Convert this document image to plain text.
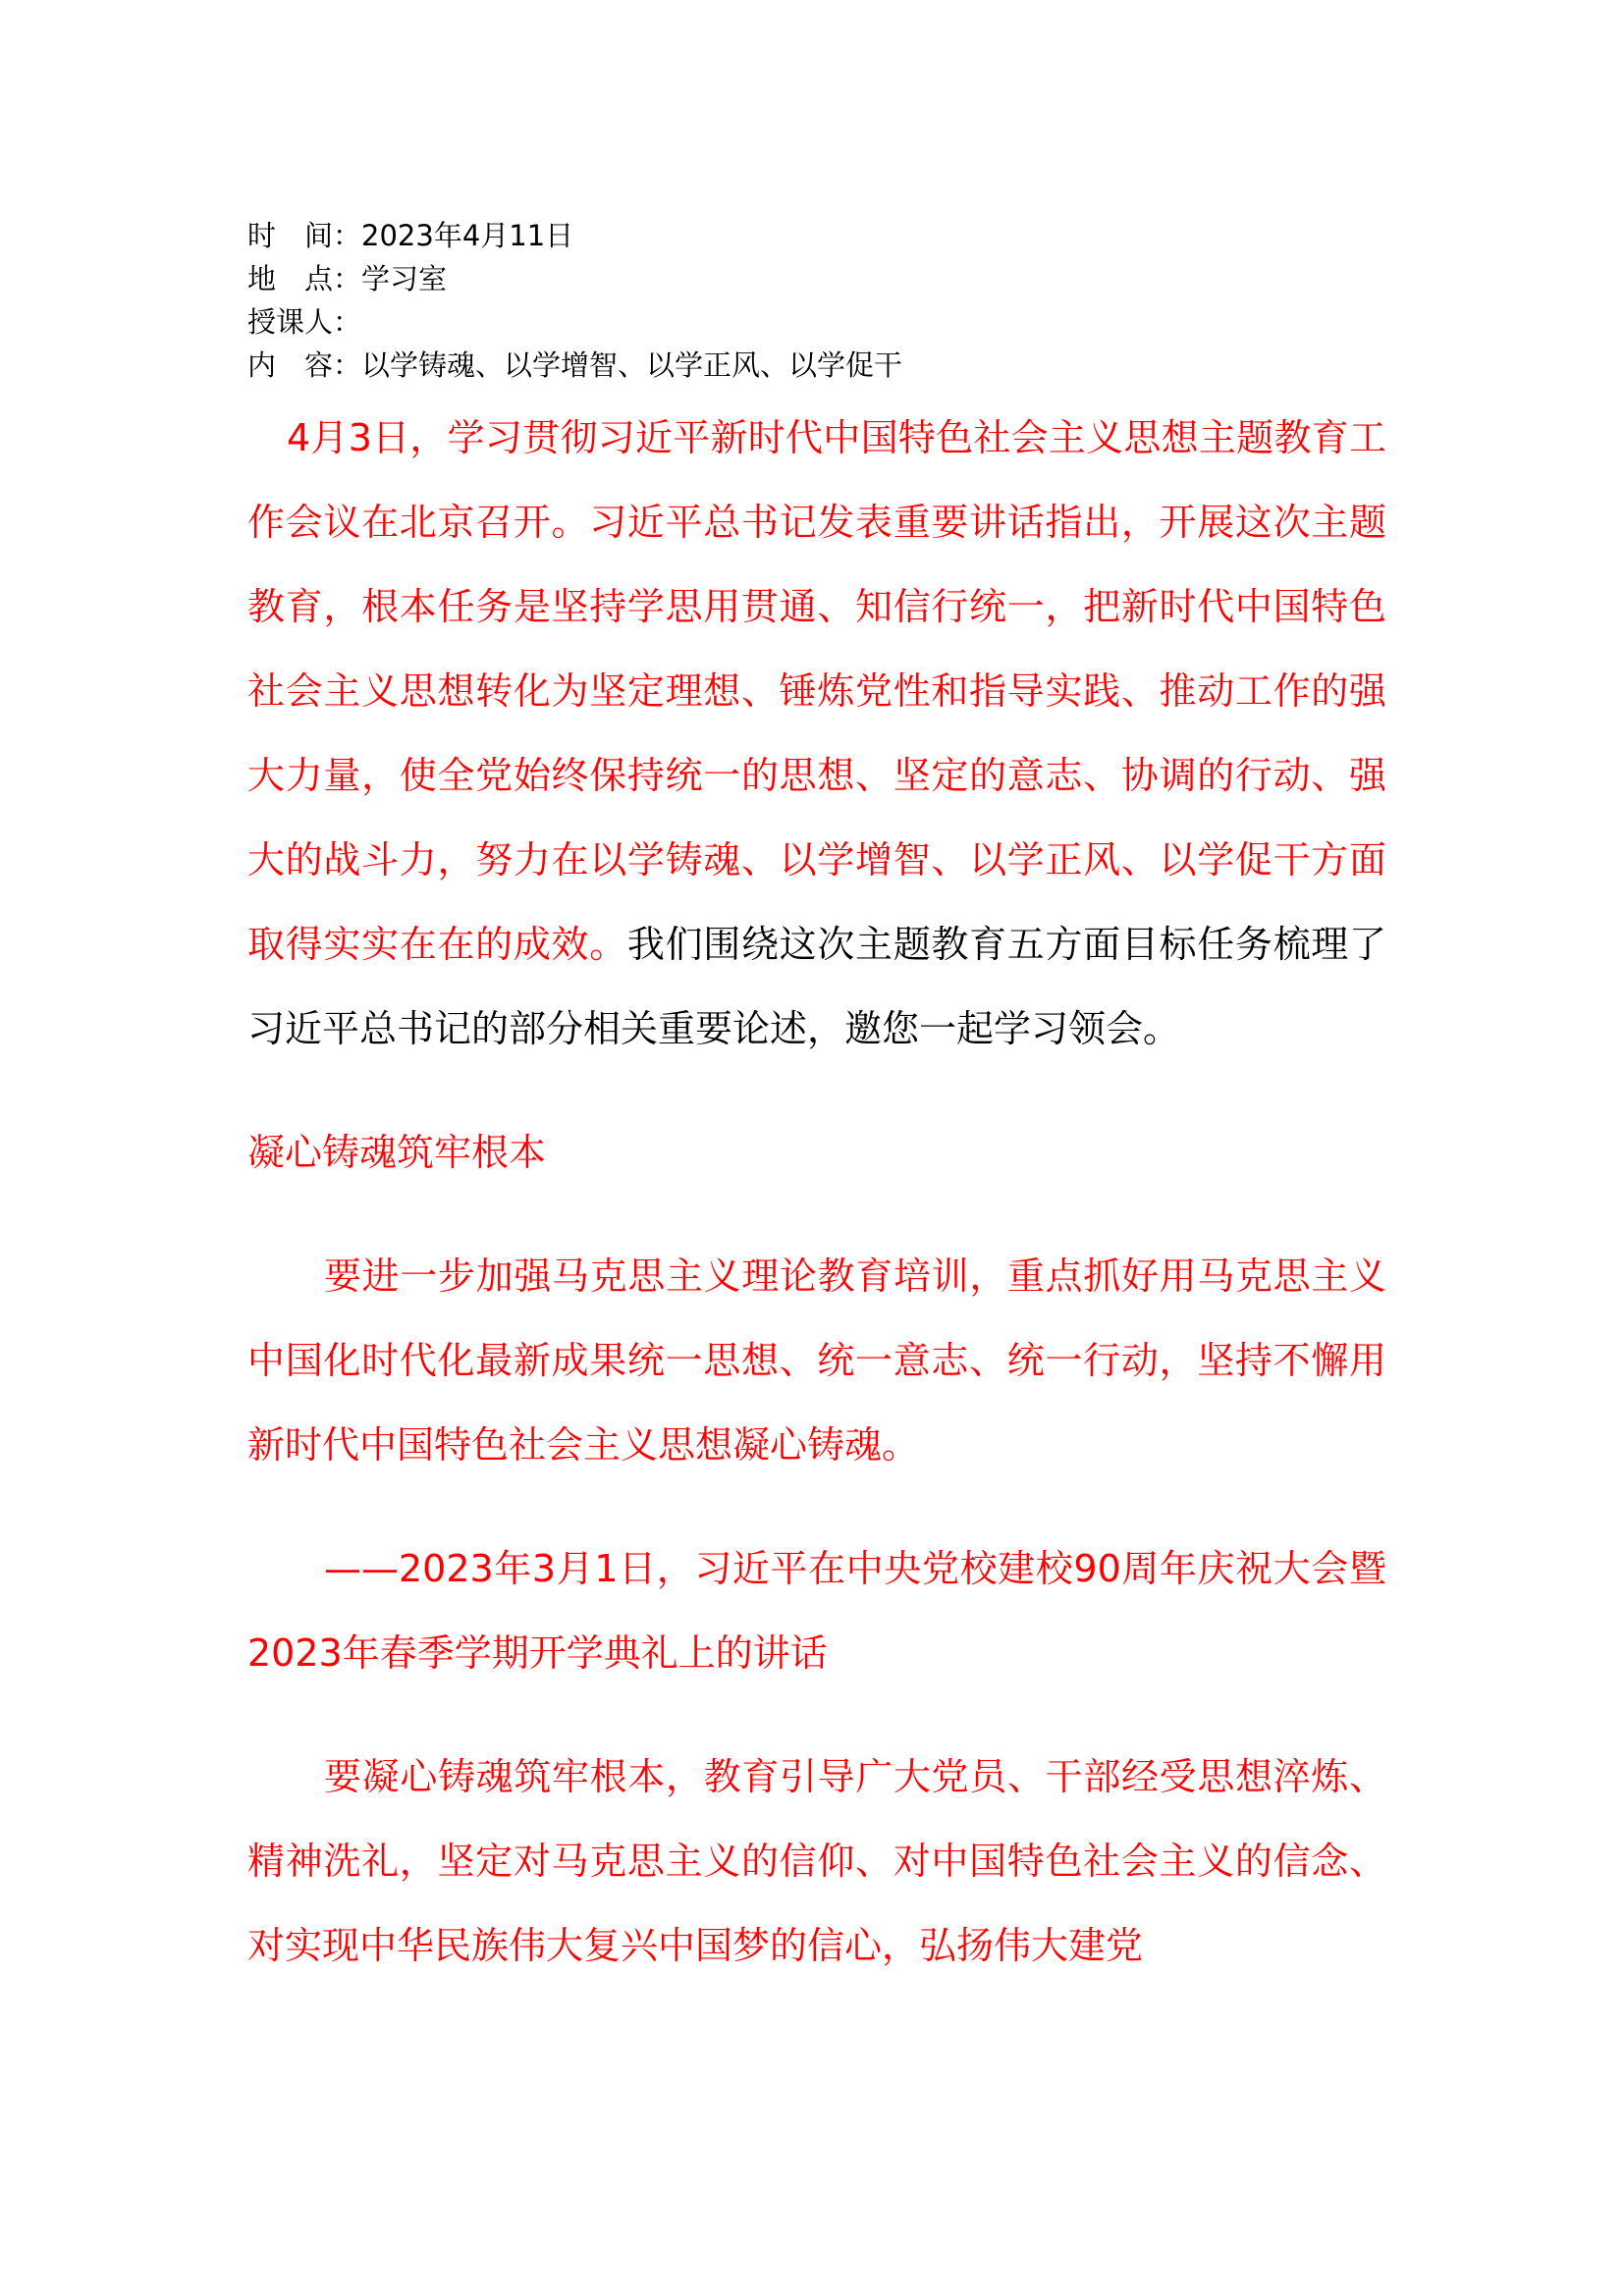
时　间：2023年4月11日
地　点：学习室
授课人：
内　容：以学铸魂、以学增智、以学正风、以学促干

4月3日，学习贯彻习近平新时代中国特色社会主义思想主题教育工作会议在北京召开。习近平总书记发表重要讲话指出，开展这次主题教育，根本任务是坚持学思用贯通、知信行统一，把新时代中国特色社会主义思想转化为坚定理想、锤炼党性和指导实践、推动工作的强大力量，使全党始终保持统一的思想、坚定的意志、协调的行动、强大的战斗力，努力在以学铸魂、以学增智、以学正风、以学促干方面取得实实在在的成效。我们围绕这次主题教育五方面目标任务梳理了习近平总书记的部分相关重要论述，邀您一起学习领会。

凝心铸魂筑牢根本

要进一步加强马克思主义理论教育培训，重点抓好用马克思主义中国化时代化最新成果统一思想、统一意志、统一行动，坚持不懈用新时代中国特色社会主义思想凝心铸魂。

——2023年3月1日，习近平在中央党校建校90周年庆祝大会暨2023年春季学期开学典礼上的讲话

要凝心铸魂筑牢根本，教育引导广大党员、干部经受思想淬炼、精神洗礼，坚定对马克思主义的信仰、对中国特色社会主义的信念、对实现中华民族伟大复兴中国梦的信心，弘扬伟大建党
